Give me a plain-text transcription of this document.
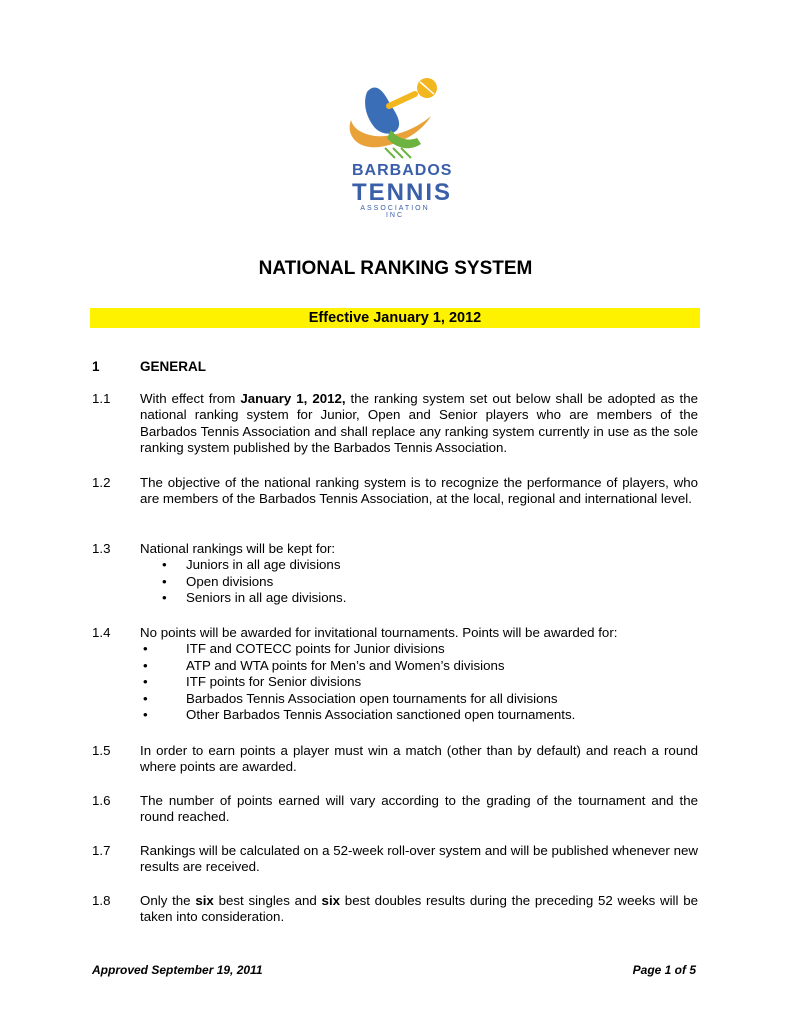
BARBADOS
TENNIS
ASSOCIATION INC
NATIONAL RANKING SYSTEM
Effective January 1, 2012
1	GENERAL
1.1 With effect from January 1, 2012, the ranking system set out below shall be adopted as the national ranking system for Junior, Open and Senior players who are members of the Barbados Tennis Association and shall replace any ranking system currently in use as the sole ranking system published by the Barbados Tennis Association.
1.2 The objective of the national ranking system is to recognize the performance of players, who are members of the Barbados Tennis Association, at the local, regional and international level.
1.3 National rankings will be kept for:
• Juniors in all age divisions
• Open divisions
• Seniors in all age divisions.
1.4 No points will be awarded for invitational tournaments. Points will be awarded for:
• ITF and COTECC points for Junior divisions
• ATP and WTA points for Men’s and Women’s divisions
• ITF points for Senior divisions
• Barbados Tennis Association open tournaments for all divisions
• Other Barbados Tennis Association sanctioned open tournaments.
1.5 In order to earn points a player must win a match (other than by default) and reach a round where points are awarded.
1.6 The number of points earned will vary according to the grading of the tournament and the round reached.
1.7 Rankings will be calculated on a 52-week roll-over system and will be published whenever new results are received.
1.8 Only the six best singles and six best doubles results during the preceding 52 weeks will be taken into consideration.
Approved September 19, 2011	Page 1 of 5
